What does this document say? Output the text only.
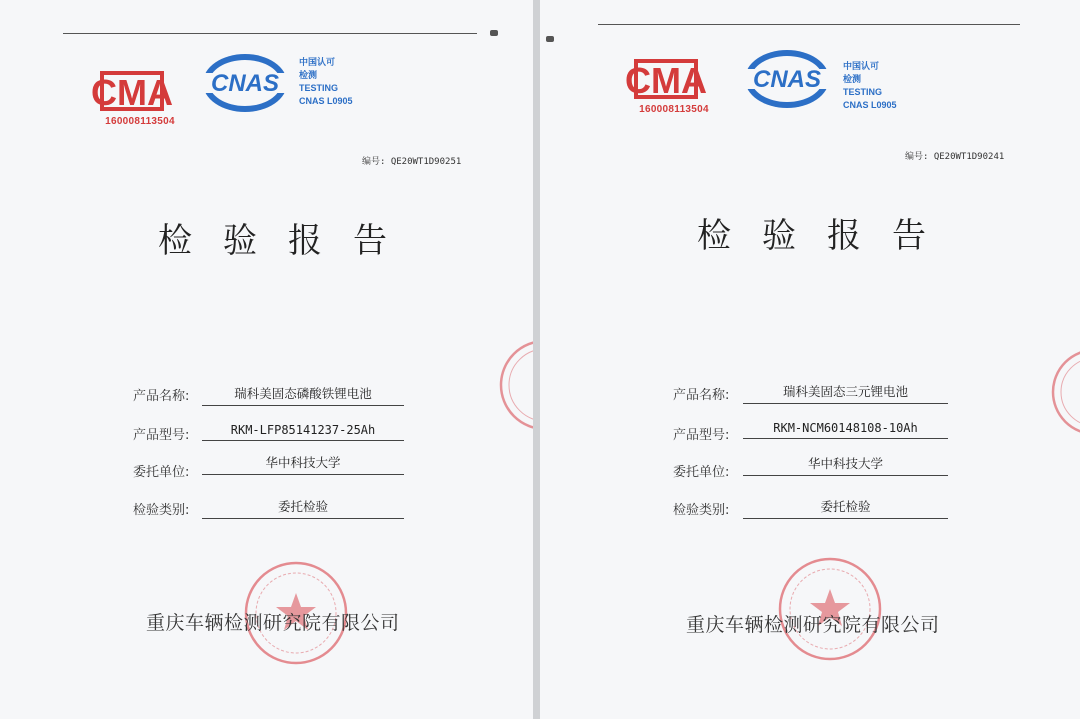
CMA
160008113504
CNAS
中国认可
检测
TESTING
CNAS L0905
编号: QE20WT1D90251
检验报告
产品名称:	瑞科美固态磷酸铁锂电池
产品型号:	RKM-LFP85141237-25Ah
委托单位:
华中科技大学
检验类别:	委托检验
重庆车辆检测研究院有限公司
CMA
160008113504
CNAS 中国认可
检测
TESTING
CNAS L0905
编号: QE20WT1D90241
检验报告
产品名称:	瑞科美固态三元锂电池
产品型号:	RKM-NCM60148108-10Ah
委托单位:
华中科技大学
检验类别:	委托检验
重庆车辆检测研究院有限公司
